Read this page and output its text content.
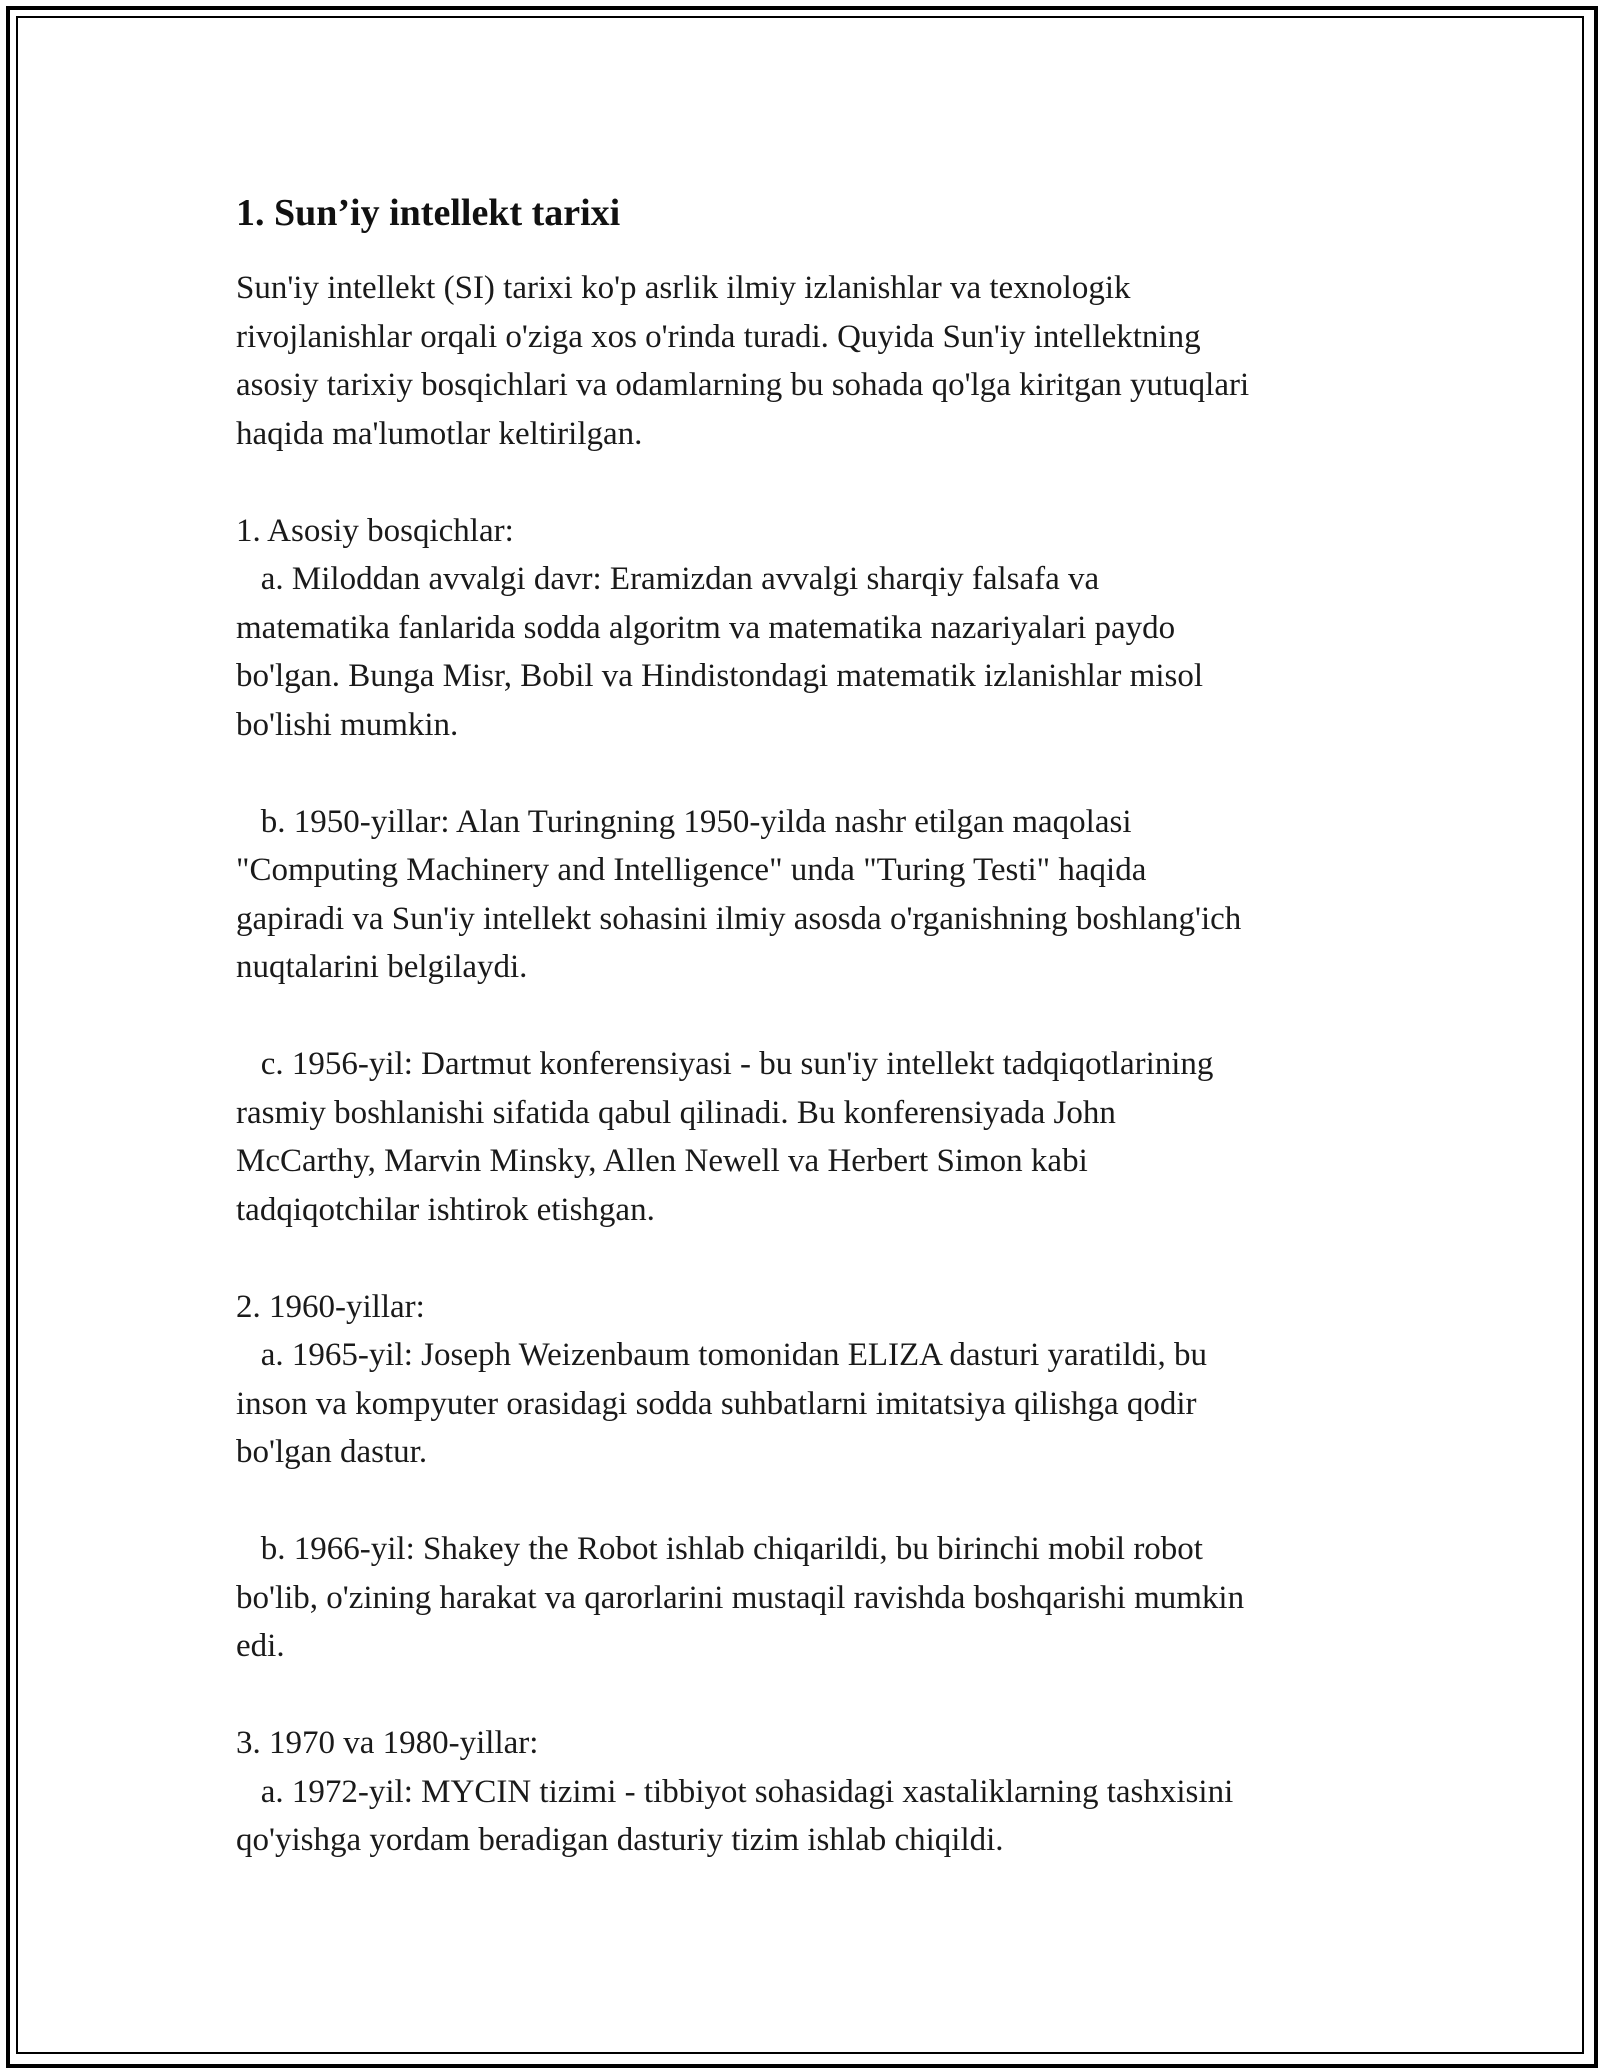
1. Sun’iy intellekt tarixi

Sun'iy intellekt (SI) tarixi ko'p asrlik ilmiy izlanishlar va texnologik
rivojlanishlar orqali o'ziga xos o'rinda turadi. Quyida Sun'iy intellektning
asosiy tarixiy bosqichlari va odamlarning bu sohada qo'lga kiritgan yutuqlari
haqida ma'lumotlar keltirilgan.

1. Asosiy bosqichlar:
a. Miloddan avvalgi davr: Eramizdan avvalgi sharqiy falsafa va
matematika fanlarida sodda algoritm va matematika nazariyalari paydo
bo'lgan. Bunga Misr, Bobil va Hindistondagi matematik izlanishlar misol
bo'lishi mumkin.

b. 1950-yillar: Alan Turingning 1950-yilda nashr etilgan maqolasi
"Computing Machinery and Intelligence" unda "Turing Testi" haqida
gapiradi va Sun'iy intellekt sohasini ilmiy asosda o'rganishning boshlang'ich
nuqtalarini belgilaydi.

c. 1956-yil: Dartmut konferensiyasi - bu sun'iy intellekt tadqiqotlarining
rasmiy boshlanishi sifatida qabul qilinadi. Bu konferensiyada John
McCarthy, Marvin Minsky, Allen Newell va Herbert Simon kabi
tadqiqotchilar ishtirok etishgan.

2. 1960-yillar:
a. 1965-yil: Joseph Weizenbaum tomonidan ELIZA dasturi yaratildi, bu
inson va kompyuter orasidagi sodda suhbatlarni imitatsiya qilishga qodir
bo'lgan dastur.

b. 1966-yil: Shakey the Robot ishlab chiqarildi, bu birinchi mobil robot
bo'lib, o'zining harakat va qarorlarini mustaqil ravishda boshqarishi mumkin
edi.

3. 1970 va 1980-yillar:
a. 1972-yil: MYCIN tizimi - tibbiyot sohasidagi xastaliklarning tashxisini
qo'yishga yordam beradigan dasturiy tizim ishlab chiqildi.
